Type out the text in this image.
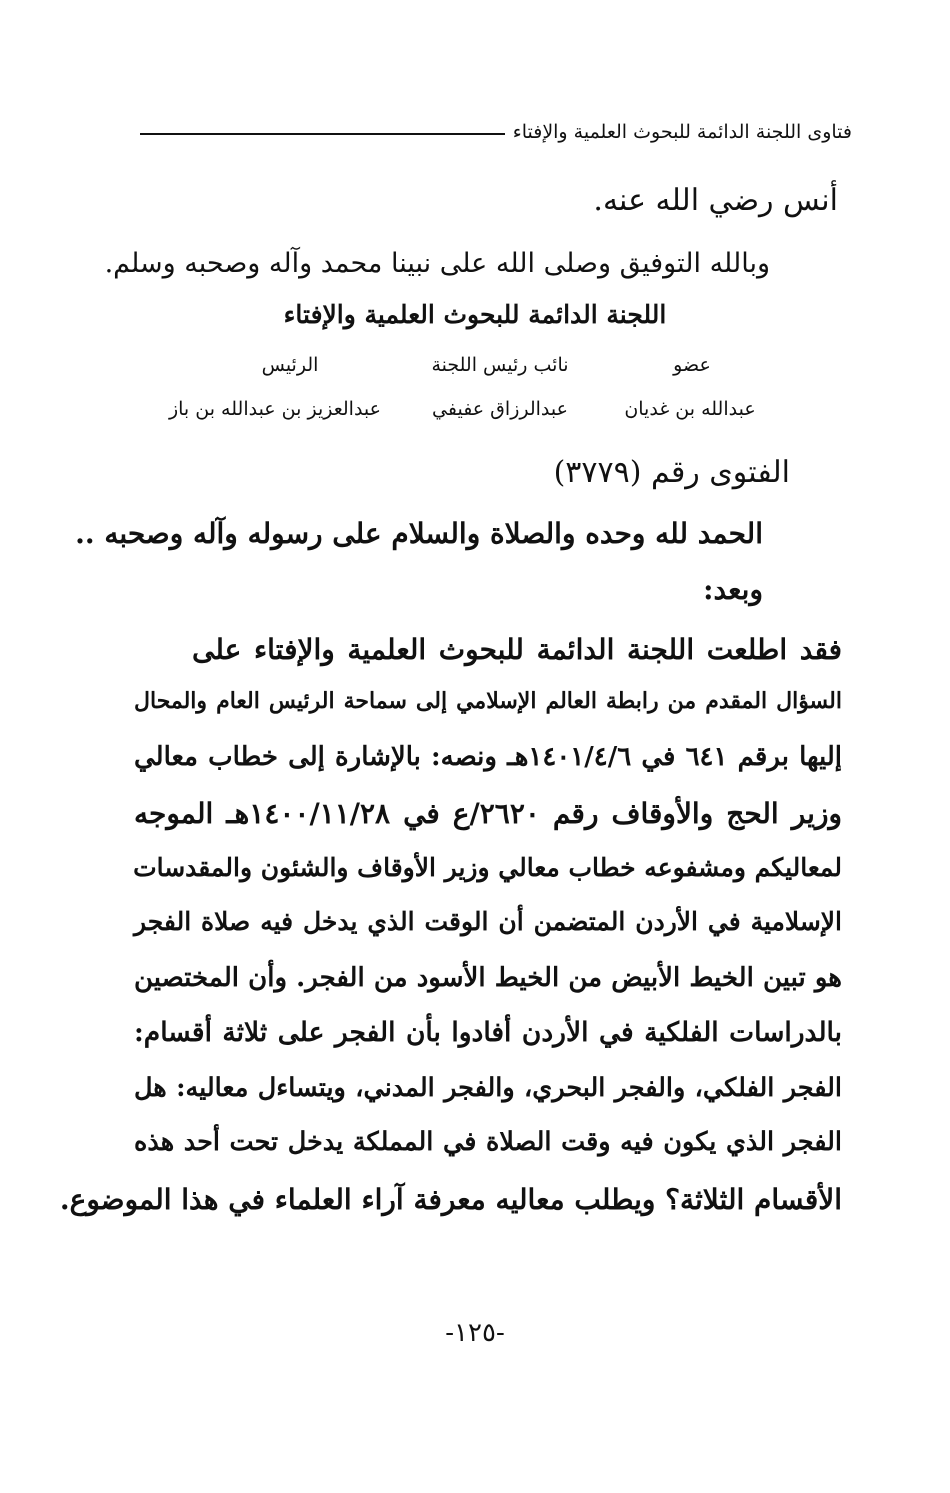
فتاوى اللجنة الدائمة للبحوث العلمية والإفتاء
أنس رضي الله عنه.
وبالله التوفيق وصلى الله على نبينا محمد وآله وصحبه وسلم.
اللجنة الدائمة للبحوث العلمية والإفتاء
عضو
نائب رئيس اللجنة
الرئيس
عبدالله بن غديان
عبدالرزاق عفيفي
عبدالعزيز بن عبدالله بن باز
الفتوى رقم (٣٧٧٩)
الحمد لله وحده والصلاة والسلام على رسوله وآله وصحبه ..
وبعد:
فقد اطلعت اللجنة الدائمة للبحوث العلمية والإفتاء على
السؤال المقدم من رابطة العالم الإسلامي إلى سماحة الرئيس العام والمحال
إليها برقم ٦٤١ في ١٤٠١/٤/٦هـ ونصه: بالإشارة إلى خطاب معالي
وزير الحج والأوقاف رقم ٢٦٢٠/ع في ١٤٠٠/١١/٢٨هـ الموجه
لمعاليكم ومشفوعه خطاب معالي وزير الأوقاف والشئون والمقدسات
الإسلامية في الأردن المتضمن أن الوقت الذي يدخل فيه صلاة الفجر
هو تبين الخيط الأبيض من الخيط الأسود من الفجر. وأن المختصين
بالدراسات الفلكية في الأردن أفادوا بأن الفجر على ثلاثة أقسام:
الفجر الفلكي، والفجر البحري، والفجر المدني، ويتساءل معاليه: هل
الفجر الذي يكون فيه وقت الصلاة في المملكة يدخل تحت أحد هذه
الأقسام الثلاثة؟ ويطلب معاليه معرفة آراء العلماء في هذا الموضوع.
-١٢٥-
